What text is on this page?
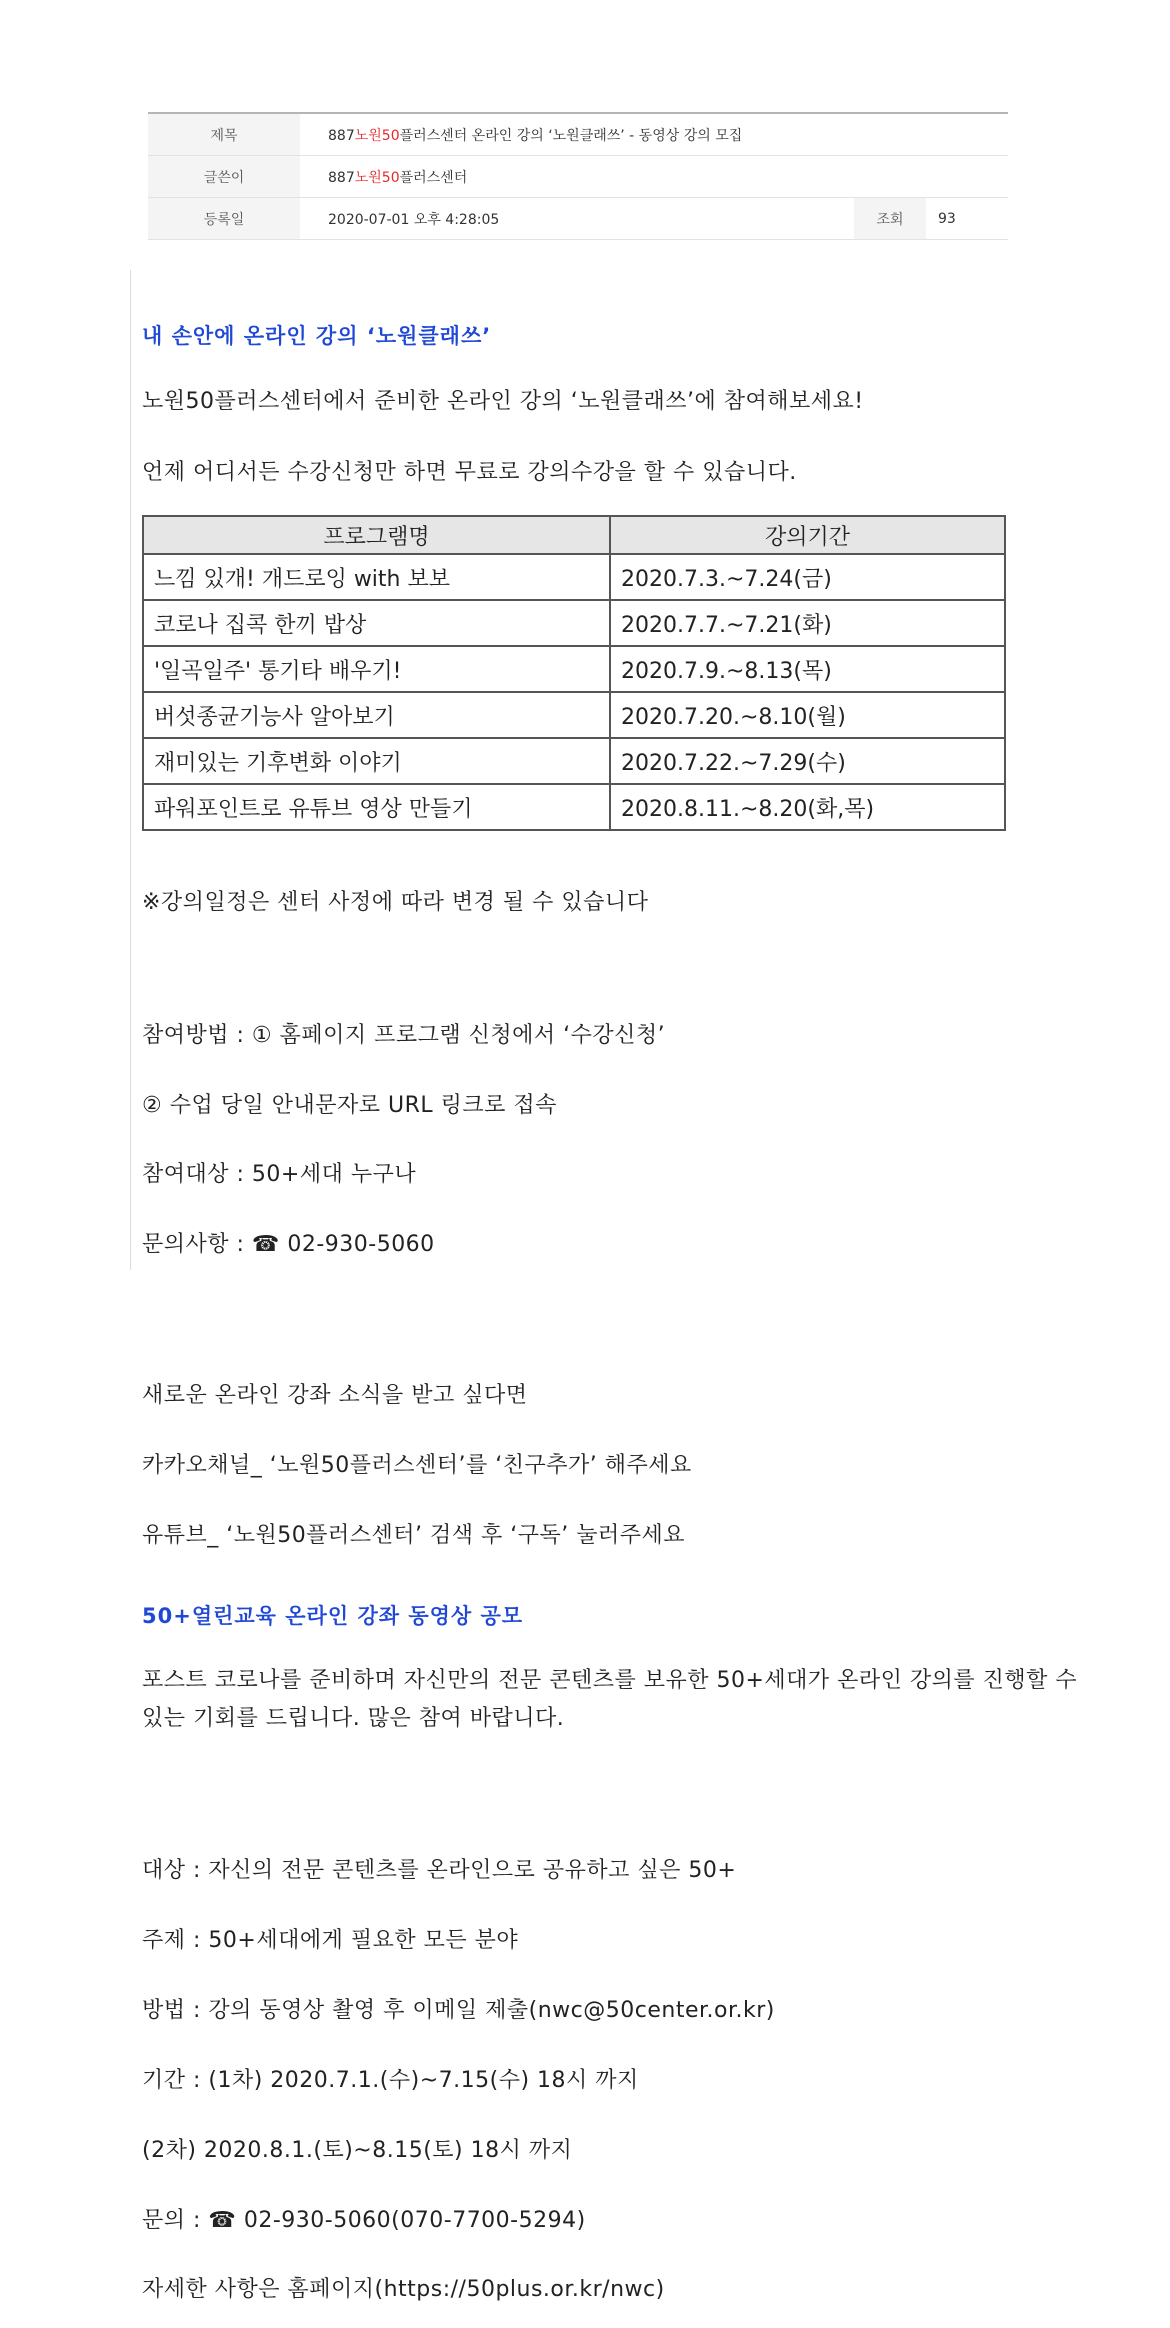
제목	887노원50플러스센터 온라인 강의 ‘노원클래쓰’ - 동영상 강의 모집
글쓴이	887노원50플러스센터
등록일	2020-07-01 오후 4:28:05	조회	93
내 손안에 온라인 강의 ‘노원클래쓰’
노원50플러스센터에서 준비한 온라인 강의 ‘노원클래쓰’에 참여해보세요!
언제 어디서든 수강신청만 하면 무료로 강의수강을 할 수 있습니다.
프로그램명	강의기간
느낌 있개! 개드로잉 with 보보	2020.7.3.~7.24(금)
코로나 집콕 한끼 밥상	2020.7.7.~7.21(화)
'일곡일주' 통기타 배우기!	2020.7.9.~8.13(목)
버섯종균기능사 알아보기	2020.7.20.~8.10(월)
재미있는 기후변화 이야기	2020.7.22.~7.29(수)
파워포인트로 유튜브 영상 만들기	2020.8.11.~8.20(화,목)
※강의일정은 센터 사정에 따라 변경 될 수 있습니다
참여방법 : ① 홈페이지 프로그램 신청에서 ‘수강신청’
② 수업 당일 안내문자로 URL 링크로 접속
참여대상 : 50+세대 누구나
문의사항 : ☎ 02-930-5060
새로운 온라인 강좌 소식을 받고 싶다면
카카오채널_ ‘노원50플러스센터’를 ‘친구추가’ 해주세요
유튜브_ ‘노원50플러스센터’ 검색 후 ‘구독’ 눌러주세요
50+열린교육 온라인 강좌 동영상 공모
포스트 코로나를 준비하며 자신만의 전문 콘텐츠를 보유한 50+세대가 온라인 강의를 진행할 수 있는 기회를 드립니다. 많은 참여 바랍니다.
대상 : 자신의 전문 콘텐츠를 온라인으로 공유하고 싶은 50+
주제 : 50+세대에게 필요한 모든 분야
방법 : 강의 동영상 촬영 후 이메일 제출(nwc@50center.or.kr)
기간 : (1차) 2020.7.1.(수)~7.15(수) 18시 까지
(2차) 2020.8.1.(토)~8.15(토) 18시 까지
문의 : ☎ 02-930-5060(070-7700-5294)
자세한 사항은 홈페이지(https://50plus.or.kr/nwc)
